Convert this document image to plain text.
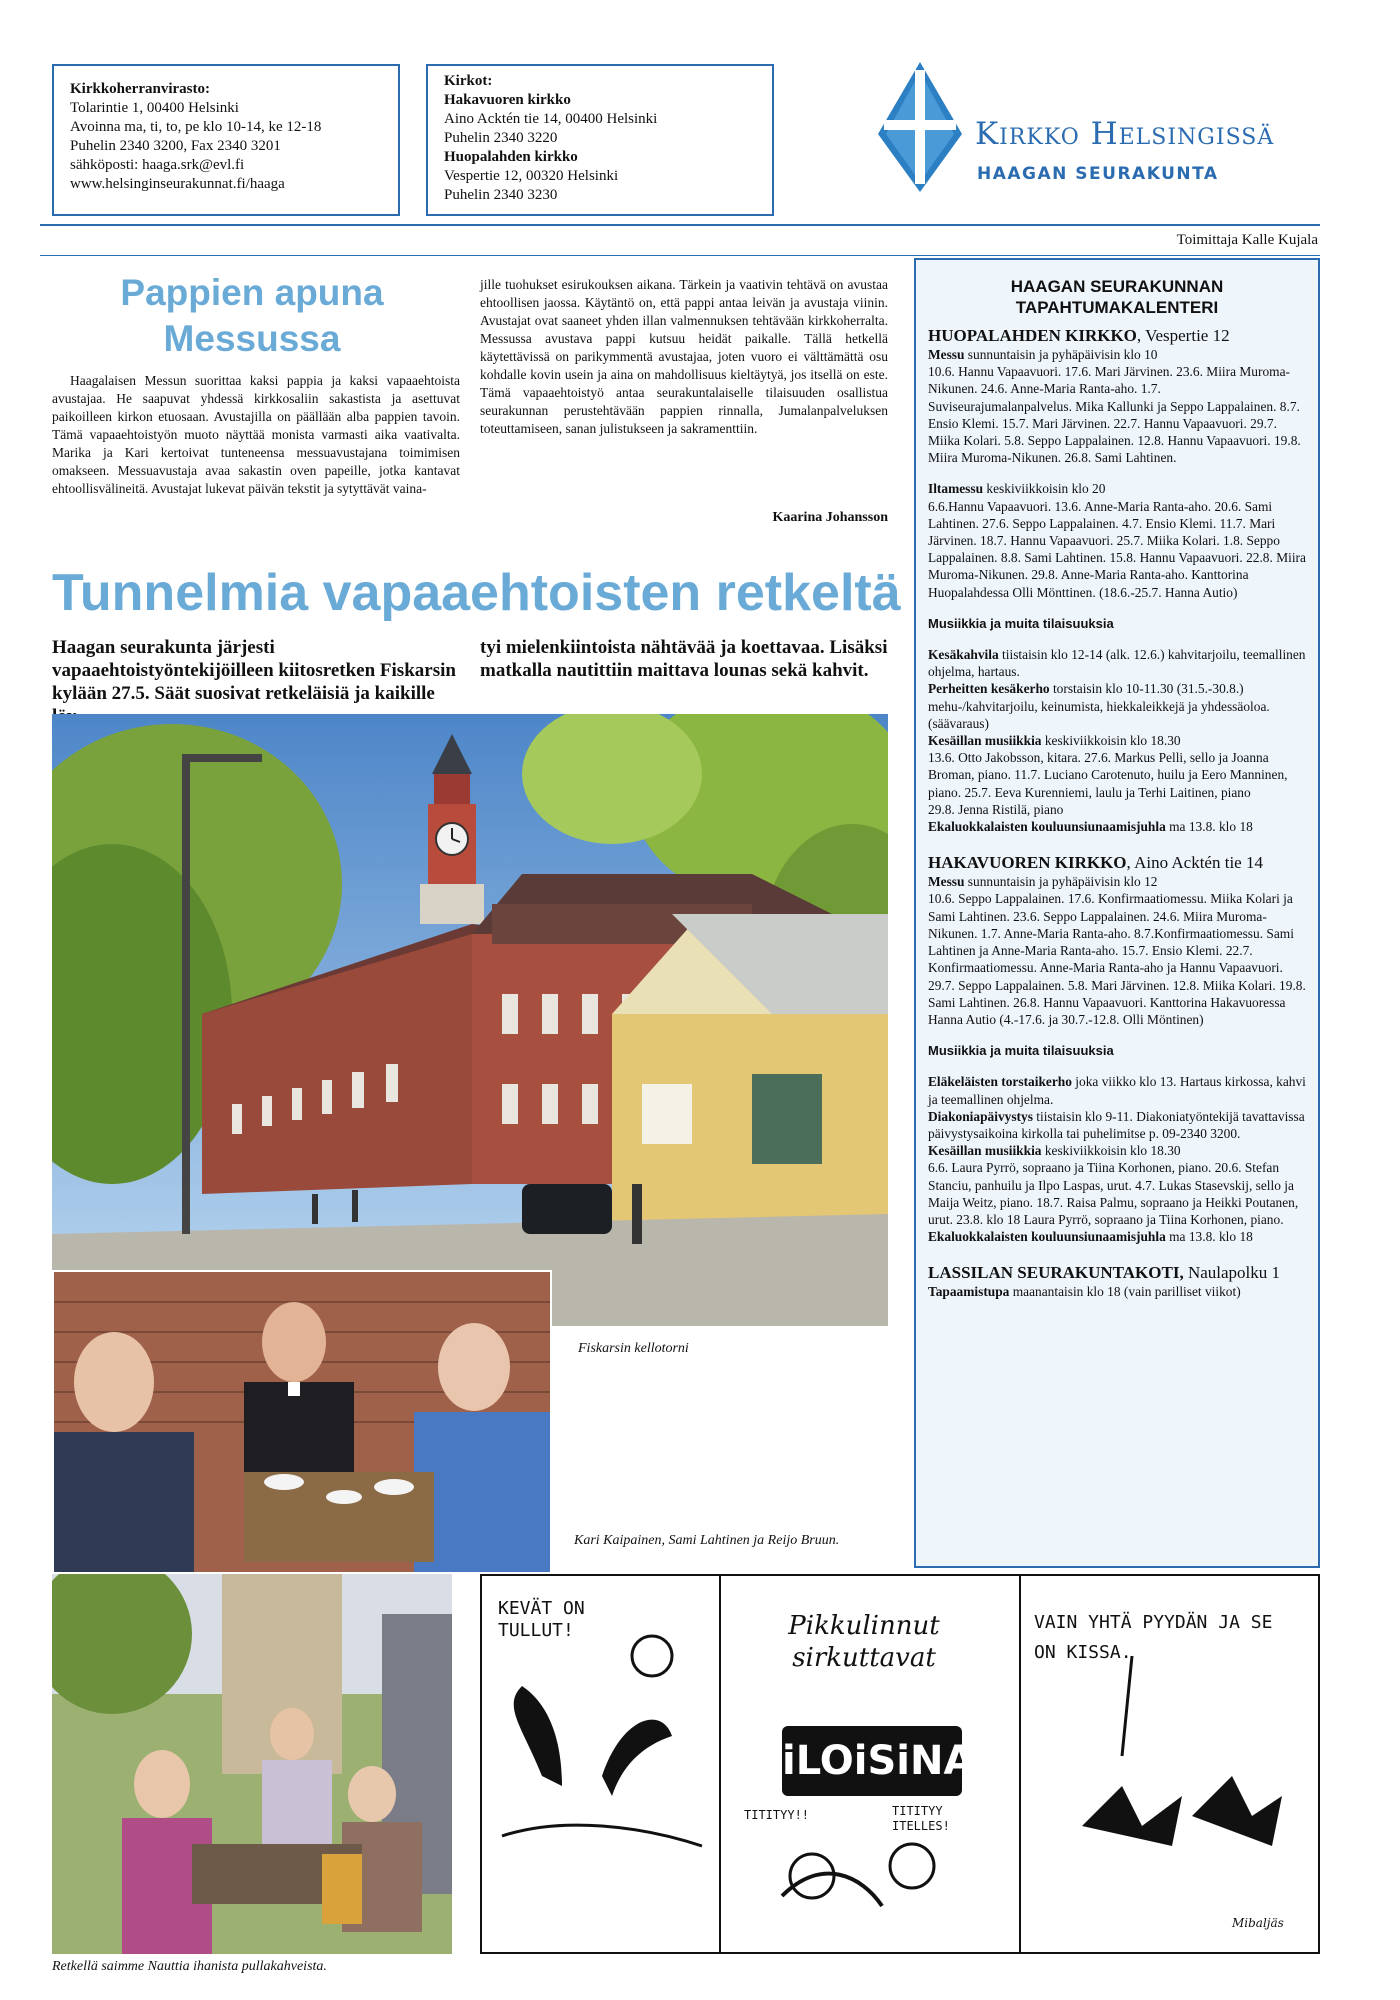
Kirkkoherranvirasto:
Tolarintie 1, 00400 Helsinki
Avoinna ma, ti, to, pe klo 10-14, ke 12-18
Puhelin 2340 3200, Fax 2340 3201
sähköposti: haaga.srk@evl.fi
www.helsinginseurakunnat.fi/haaga
Kirkot:
Hakavuoren kirkko
Aino Acktén tie 14, 00400 Helsinki
Puhelin 2340 3220
Huopalahden kirkko
Vespertie 12, 00320 Helsinki
Puhelin 2340 3230
Kirkko Helsingissä
HAAGAN SEURAKUNTA
Toimittaja Kalle Kujala
Pappien apuna
Messussa

Haagalaisen Messun suorittaa kaksi pappia ja kaksi vapaaehtoista avustajaa. He saapuvat yhdessä kirkkosaliin sakastista ja asettuvat paikoilleen kirkon etuosaan. Avustajilla on päällään alba pappien tavoin. Tämä vapaaehtoistyön muoto näyttää monista varmasti aika vaativalta. Marika ja Kari kertoivat tunteneensa messuavustajana toimimisen omakseen. Messuavustaja avaa sakastin oven papeille, jotka kantavat ehtoollisvälineitä. Avustajat lukevat päivän tekstit ja sytyttävät vaina-

jille tuohukset esirukouksen aikana. Tärkein ja vaativin tehtävä on avustaa ehtoollisen jaossa. Käytäntö on, että pappi antaa leivän ja avustaja viinin. Avustajat ovat saaneet yhden illan valmennuksen tehtävään kirkkoherralta. Messussa avustava pappi kutsuu heidät paikalle. Tällä hetkellä käytettävissä on parikymmentä avustajaa, joten vuoro ei välttämättä osu kohdalle kovin usein ja aina on mahdollisuus kieltäytyä, jos itsellä on este. Tämä vapaaehtoistyö antaa seurakuntalaiselle tilaisuuden osallistua seurakunnan perustehtävään pappien rinnalla, Jumalanpalveluksen toteuttamiseen, sanan julistukseen ja sakramenttiin.

Kaarina Johansson
Tunnelmia vapaaehtoisten retkeltä
Haagan seurakunta järjesti vapaaehtoistyöntekijöilleen kiitosretken Fiskarsin kylään 27.5. Säät suosivat retkeläisiä ja kaikille
tyi mielenkiintoista nähtävää ja koettavaa. Lisäksi matkalla nautittiin maittava lounas sekä kahvit.
Fiskarsin kellotorni
Kari Kaipainen, Sami Lahtinen ja Reijo Bruun.
Retkellä saimme Nauttia ihanista pullakahveista.
KEVÄT ON TULLUT!	VAIN YHTÄ PYYDÄN JA SE ON KISSA.
Pikkulinnut sirkuttavat
iLOiSiNA
TITITYY!!	TITITYY ITELLES!
Mibaljäs
HAAGAN SEURAKUNNAN
TAPAHTUMAKALENTERI
HUOPALAHDEN KIRKKO, Vespertie 12

Messu sunnuntaisin ja pyhäpäivisin klo 10
10.6. Hannu Vapaavuori. 17.6. Mari Järvinen. 23.6. Miira Muroma-Nikunen. 24.6. Anne-Maria Ranta-aho. 1.7. Suviseurajumalanpalvelus. Mika Kallunki ja Seppo Lappalainen. 8.7. Ensio Klemi. 15.7. Mari Järvinen. 22.7. Hannu Vapaavuori. 29.7. Miika Kolari. 5.8. Seppo Lappalainen. 12.8. Hannu Vapaavuori. 19.8. Miira Muroma-Nikunen. 26.8. Sami Lahtinen.

Iltamessu keskiviikkoisin klo 20
6.6.Hannu Vapaavuori. 13.6. Anne-Maria Ranta-aho. 20.6. Sami Lahtinen. 27.6. Seppo Lappalainen. 4.7. Ensio Klemi. 11.7. Mari Järvinen. 18.7. Hannu Vapaavuori. 25.7. Miika Kolari. 1.8. Seppo Lappalainen. 8.8. Sami Lahtinen. 15.8. Hannu Vapaavuori. 22.8. Miira Muroma-Nikunen. 29.8. Anne-Maria Ranta-aho. Kanttorina Huopalahdessa Olli Mönttinen. (18.6.-25.7. Hanna Autio)

Musiikkia ja muita tilaisuuksia

Kesäkahvila tiistaisin klo 12-14 (alk. 12.6.) kahvitarjoilu, teemallinen ohjelma, hartaus.
Perheitten kesäkerho torstaisin klo 10-11.30 (31.5.-30.8.) mehu-/kahvitarjoilu, keinumista, hiekkaleikkejä ja yhdessäoloa. (säävaraus)
Kesäillan musiikkia keskiviikkoisin klo 18.30
13.6. Otto Jakobsson, kitara. 27.6. Markus Pelli, sello ja Joanna Broman, piano. 11.7. Luciano Carotenuto, huilu ja Eero Manninen, piano. 25.7. Eeva Kurenniemi, laulu ja Terhi Laitinen, piano
29.8. Jenna Ristilä, piano
Ekaluokkalaisten kouluunsiunaamisjuhla ma 13.8. klo 18

HAKAVUOREN KIRKKO, Aino Acktén tie 14

Messu sunnuntaisin ja pyhäpäivisin klo 12
10.6. Seppo Lappalainen. 17.6. Konfirmaatiomessu. Miika Kolari ja Sami Lahtinen. 23.6. Seppo Lappalainen. 24.6. Miira Muroma-Nikunen. 1.7. Anne-Maria Ranta-aho. 8.7.Konfirmaatiomessu. Sami Lahtinen ja Anne-Maria Ranta-aho. 15.7. Ensio Klemi. 22.7. Konfirmaatiomessu. Anne-Maria Ranta-aho ja Hannu Vapaavuori. 29.7. Seppo Lappalainen. 5.8. Mari Järvinen. 12.8. Miika Kolari. 19.8. Sami Lahtinen. 26.8. Hannu Vapaavuori. Kanttorina Hakavuoressa Hanna Autio (4.-17.6. ja 30.7.-12.8. Olli Möntinen)

Musiikkia ja muita tilaisuuksia

Eläkeläisten torstaikerho joka viikko klo 13. Hartaus kirkossa, kahvi ja teemallinen ohjelma.
Diakoniapäivystys tiistaisin klo 9-11. Diakoniatyöntekijä tavattavissa päivystysaikoina kirkolla tai puhelimitse p. 09-2340 3200.
Kesäillan musiikkia keskiviikkoisin klo 18.30
6.6. Laura Pyrrö, sopraano ja Tiina Korhonen, piano. 20.6. Stefan Stanciu, panhuilu ja Ilpo Laspas, urut. 4.7. Lukas Stasevskij, sello ja Maija Weitz, piano. 18.7. Raisa Palmu, sopraano ja Heikki Poutanen, urut. 23.8. klo 18 Laura Pyrrö, sopraano ja Tiina Korhonen, piano.
Ekaluokkalaisten kouluunsiunaamisjuhla ma 13.8. klo 18

LASSILAN SEURAKUNTAKOTI, Naulapolku 1

Tapaamistupa maanantaisin klo 18 (vain parilliset viikot)
